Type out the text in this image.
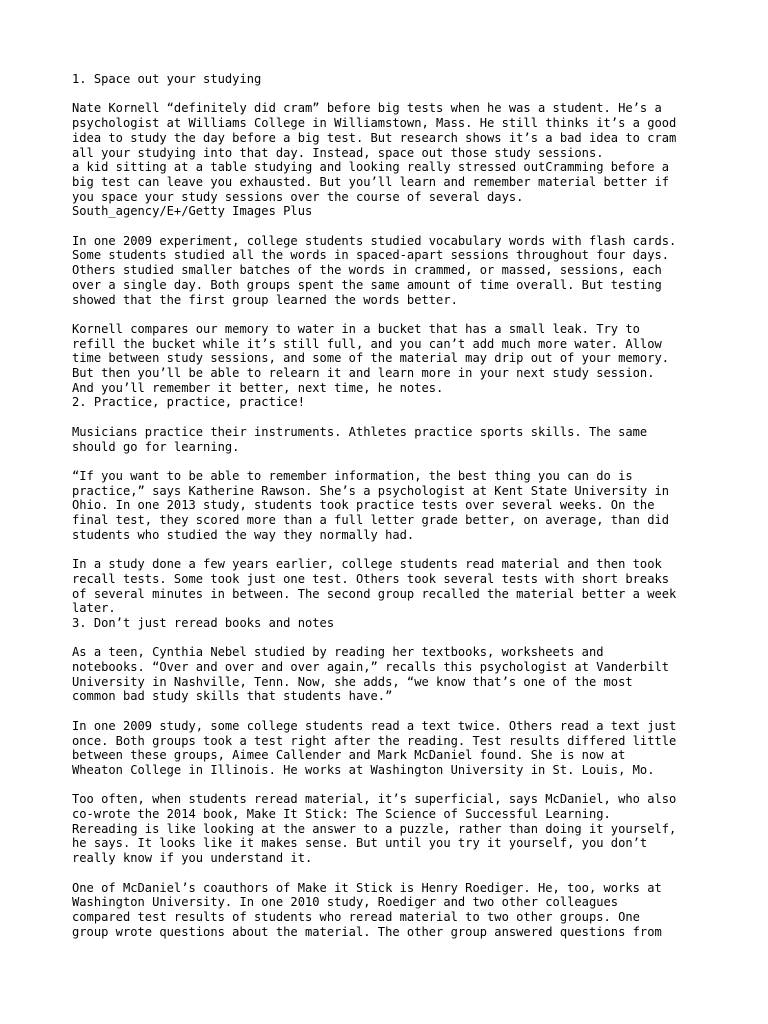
1. Space out your studying
Nate Kornell “definitely did cram” before big tests when he was a student. He’s a
psychologist at Williams College in Williamstown, Mass. He still thinks it’s a good
idea to study the day before a big test. But research shows it’s a bad idea to cram
all your studying into that day. Instead, space out those study sessions.
a kid sitting at a table studying and looking really stressed outCramming before a
big test can leave you exhausted. But you’ll learn and remember material better if
you space your study sessions over the course of several days.
South_agency/E+/Getty Images Plus
In one 2009 experiment, college students studied vocabulary words with flash cards.
Some students studied all the words in spaced-apart sessions throughout four days.
Others studied smaller batches of the words in crammed, or massed, sessions, each
over a single day. Both groups spent the same amount of time overall. But testing
showed that the first group learned the words better.
Kornell compares our memory to water in a bucket that has a small leak. Try to
refill the bucket while it’s still full, and you can’t add much more water. Allow
time between study sessions, and some of the material may drip out of your memory.
But then you’ll be able to relearn it and learn more in your next study session.
And you’ll remember it better, next time, he notes.
2. Practice, practice, practice!
Musicians practice their instruments. Athletes practice sports skills. The same
should go for learning.
“If you want to be able to remember information, the best thing you can do is
practice,” says Katherine Rawson. She’s a psychologist at Kent State University in
Ohio. In one 2013 study, students took practice tests over several weeks. On the
final test, they scored more than a full letter grade better, on average, than did
students who studied the way they normally had.
In a study done a few years earlier, college students read material and then took
recall tests. Some took just one test. Others took several tests with short breaks
of several minutes in between. The second group recalled the material better a week
later.
3. Don’t just reread books and notes
As a teen, Cynthia Nebel studied by reading her textbooks, worksheets and
notebooks. “Over and over and over again,” recalls this psychologist at Vanderbilt
University in Nashville, Tenn. Now, she adds, “we know that’s one of the most
common bad study skills that students have.”
In one 2009 study, some college students read a text twice. Others read a text just
once. Both groups took a test right after the reading. Test results differed little
between these groups, Aimee Callender and Mark McDaniel found. She is now at
Wheaton College in Illinois. He works at Washington University in St. Louis, Mo.
Too often, when students reread material, it’s superficial, says McDaniel, who also
co-wrote the 2014 book, Make It Stick: The Science of Successful Learning.
Rereading is like looking at the answer to a puzzle, rather than doing it yourself,
he says. It looks like it makes sense. But until you try it yourself, you don’t
really know if you understand it.
One of McDaniel’s coauthors of Make it Stick is Henry Roediger. He, too, works at
Washington University. In one 2010 study, Roediger and two other colleagues
compared test results of students who reread material to two other groups. One
group wrote questions about the material. The other group answered questions from
